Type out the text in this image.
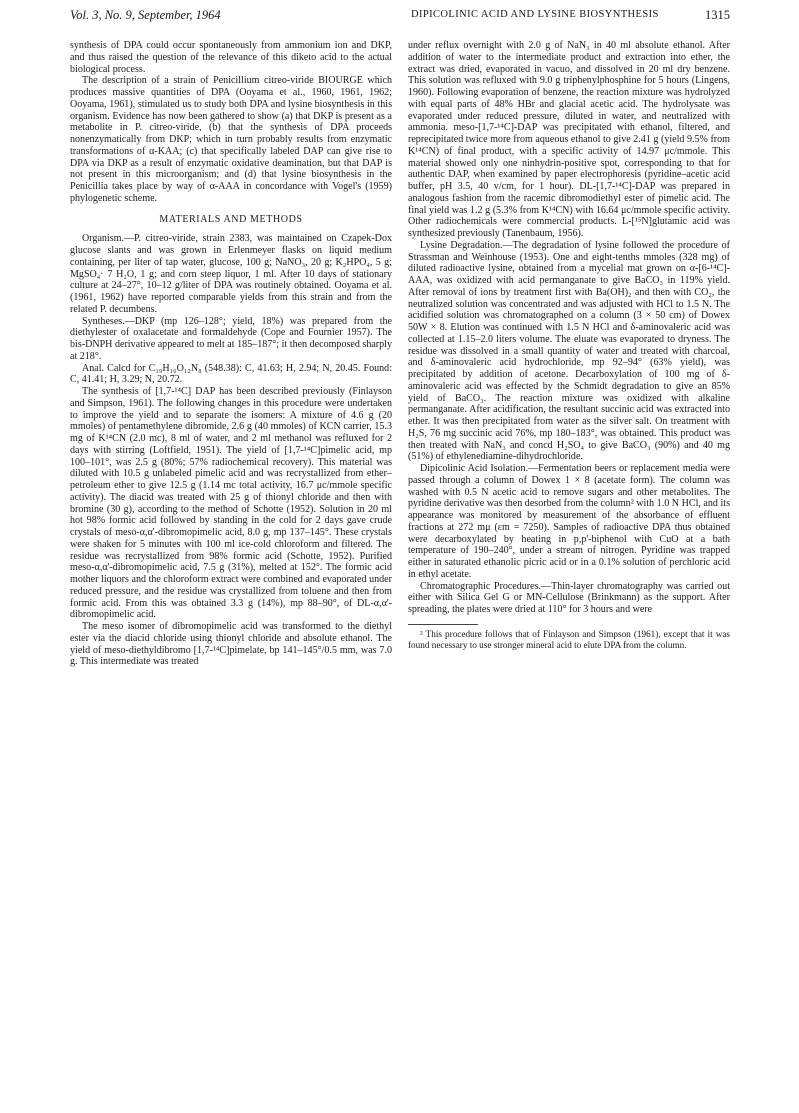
Vol. 3, No. 9, September, 1964	DIPICOLINIC ACID AND LYSINE BIOSYNTHESIS	1315

synthesis of DPA could occur spontaneously from ammonium ion and DKP, and thus raised the question of the relevance of this diketo acid to the actual biological process.

The description of a strain of Penicillium citreo-viride BIOURGE which produces massive quantities of DPA (Ooyama et al., 1960, 1961, 1962; Ooyama, 1961), stimulated us to study both DPA and lysine biosynthesis in this organism. Evidence has now been gathered to show (a) that DKP is present as a metabolite in P. citreo-viride, (b) that the synthesis of DPA proceeds nonenzymatically from DKP; which in turn probably results from enzymatic transformations of α-KAA; (c) that specifically labeled DAP can give rise to DPA via DKP as a result of enzymatic oxidative deamination, but that DAP is not present in this microorganism; and (d) that lysine biosynthesis in the Penicillia takes place by way of α-AAA in concordance with Vogel's (1959) phylogenetic scheme.

MATERIALS AND METHODS

Organism.—P. citreo-viride, strain 2383, was maintained on Czapek-Dox glucose slants and was grown in Erlenmeyer flasks on liquid medium containing, per liter of tap water, glucose, 100 g; NaNO₃, 20 g; K₂HPO₄, 5 g; MgSO₄· 7 H₂O, 1 g; and corn steep liquor, 1 ml. After 10 days of stationary culture at 24–27°, 10–12 g/liter of DPA was routinely obtained. Ooyama et al. (1961, 1962) have reported comparable yields from this strain and from the related P. decumbens.

Syntheses.—DKP (mp 126–128°; yield, 18%) was prepared from the diethylester of oxalacetate and formaldehyde (Cope and Fournier 1957). The bis-DNPH derivative appeared to melt at 185–187°; it then decomposed sharply at 218°.

Anal. Calcd for C₁₉H₁₆O₁₂N₈ (548.38): C, 41.63; H, 2.94; N, 20.45. Found: C, 41.41; H, 3.29; N, 20.72.

The synthesis of [1,7-¹⁴C] DAP has been described previously (Finlayson and Simpson, 1961). The following changes in this procedure were undertaken to improve the yield and to separate the isomers: A mixture of 4.6 g (20 mmoles) of pentamethylene dibromide, 2.6 g (40 mmoles) of KCN carrier, 15.3 mg of K¹⁴CN (2.0 mc), 8 ml of water, and 2 ml methanol was refluxed for 2 days with stirring (Loftfield, 1951). The yield of [1,7-¹⁴C]pimelic acid, mp 100–101°, was 2.5 g (80%; 57% radiochemical recovery). This material was diluted with 10.5 g unlabeled pimelic acid and was recrystallized from ether–petroleum ether to give 12.5 g (1.14 mc total activity, 16.7 μc/mmole specific activity). The diacid was treated with 25 g of thionyl chloride and then with bromine (30 g), according to the method of Schotte (1952). Solution in 20 ml hot 98% formic acid followed by standing in the cold for 2 days gave crude crystals of meso-α,α'-dibromopimelic acid, 8.0 g, mp 137–145°. These crystals were shaken for 5 minutes with 100 ml ice-cold chloroform and filtered. The residue was recrystallized from 98% formic acid (Schotte, 1952). Purified meso-α,α'-dibromopimelic acid, 7.5 g (31%), melted at 152°. The formic acid mother liquors and the chloroform extract were combined and evaporated under reduced pressure, and the residue was crystallized from toluene and then from formic acid. From this was obtained 3.3 g (14%), mp 88–90°, of DL-α,α'-dibromopimelic acid.

The meso isomer of dibromopimelic acid was transformed to the diethyl ester via the diacid chloride using thionyl chloride and absolute ethanol. The yield of meso-diethyldibromo [1,7-¹⁴C]pimelate, bp 141–145°/0.5 mm, was 7.0 g. This intermediate was treated

under reflux overnight with 2.0 g of NaN₃ in 40 ml absolute ethanol. After addition of water to the intermediate product and extraction into ether, the extract was dried, evaporated in vacuo, and dissolved in 20 ml dry benzene. This solution was refluxed with 9.0 g triphenylphosphine for 5 hours (Lingens, 1960). Following evaporation of benzene, the reaction mixture was hydrolyzed with equal parts of 48% HBr and glacial acetic acid. The hydrolysate was evaporated under reduced pressure, diluted in water, and neutralized with ammonia. meso-[1,7-¹⁴C]-DAP was precipitated with ethanol, filtered, and reprecipitated twice more from aqueous ethanol to give 2.41 g (yield 9.5% from K¹⁴CN) of final product, with a specific activity of 14.97 μc/mmole. This material showed only one ninhydrin-positive spot, corresponding to that for authentic DAP, when examined by paper electrophoresis (pyridine–acetic acid buffer, pH 3.5, 40 v/cm, for 1 hour). DL-[1,7-¹⁴C]-DAP was prepared in analogous fashion from the racemic dibromodiethyl ester of pimelic acid. The final yield was 1.2 g (5.3% from K¹⁴CN) with 16.64 μc/mmole specific activity. Other radiochemicals were commercial products. L-[¹⁵N]glutamic acid was synthesized previously (Tanenbaum, 1956).

Lysine Degradation.—The degradation of lysine followed the procedure of Strassman and Weinhouse (1953). One and eight-tenths mmoles (328 mg) of diluted radioactive lysine, obtained from a mycelial mat grown on α-[6-¹⁴C]-AAA, was oxidized with acid permanganate to give BaCO₃ in 119% yield. After removal of ions by treatment first with Ba(OH)₂ and then with CO₂, the neutralized solution was concentrated and was adjusted with HCl to 1.5 N. The acidified solution was chromatographed on a column (3 × 50 cm) of Dowex 50W × 8. Elution was continued with 1.5 N HCl and δ-aminovaleric acid was collected at 1.15–2.0 liters volume. The eluate was evaporated to dryness. The residue was dissolved in a small quantity of water and treated with charcoal, and δ-aminovaleric acid hydrochloride, mp 92–94° (63% yield), was precipitated by addition of acetone. Decarboxylation of 100 mg of δ-aminovaleric acid was effected by the Schmidt degradation to give an 85% yield of BaCO₃. The reaction mixture was oxidized with alkaline permanganate. After acidification, the resultant succinic acid was extracted into ether. It was then precipitated from water as the silver salt. On treatment with H₂S, 76 mg succinic acid 76%, mp 180–183°, was obtained. This product was then treated with NaN₃ and concd H₂SO₄ to give BaCO₃ (90%) and 40 mg (51%) of ethylenediamine-dihydrochloride.

Dipicolinic Acid Isolation.—Fermentation beers or replacement media were passed through a column of Dowex 1 × 8 (acetate form). The column was washed with 0.5 N acetic acid to remove sugars and other metabolites. The pyridine derivative was then desorbed from the column² with 1.0 N HCl, and its appearance was monitored by measurement of the absorbance of effluent fractions at 272 mμ (εm = 7250). Samples of radioactive DPA thus obtained were decarboxylated by heating in p,p'-biphenol with CuO at a bath temperature of 190–240°, under a stream of nitrogen. Pyridine was trapped either in saturated ethanolic picric acid or in a 0.1% solution of perchloric acid in ethyl acetate.

Chromatographic Procedures.—Thin-layer chromatography was carried out either with Silica Gel G or MN-Cellulose (Brinkmann) as the support. After spreading, the plates were dried at 110° for 3 hours and were

² This procedure follows that of Finlayson and Simpson (1961), except that it was found necessary to use stronger mineral acid to elute DPA from the column.
